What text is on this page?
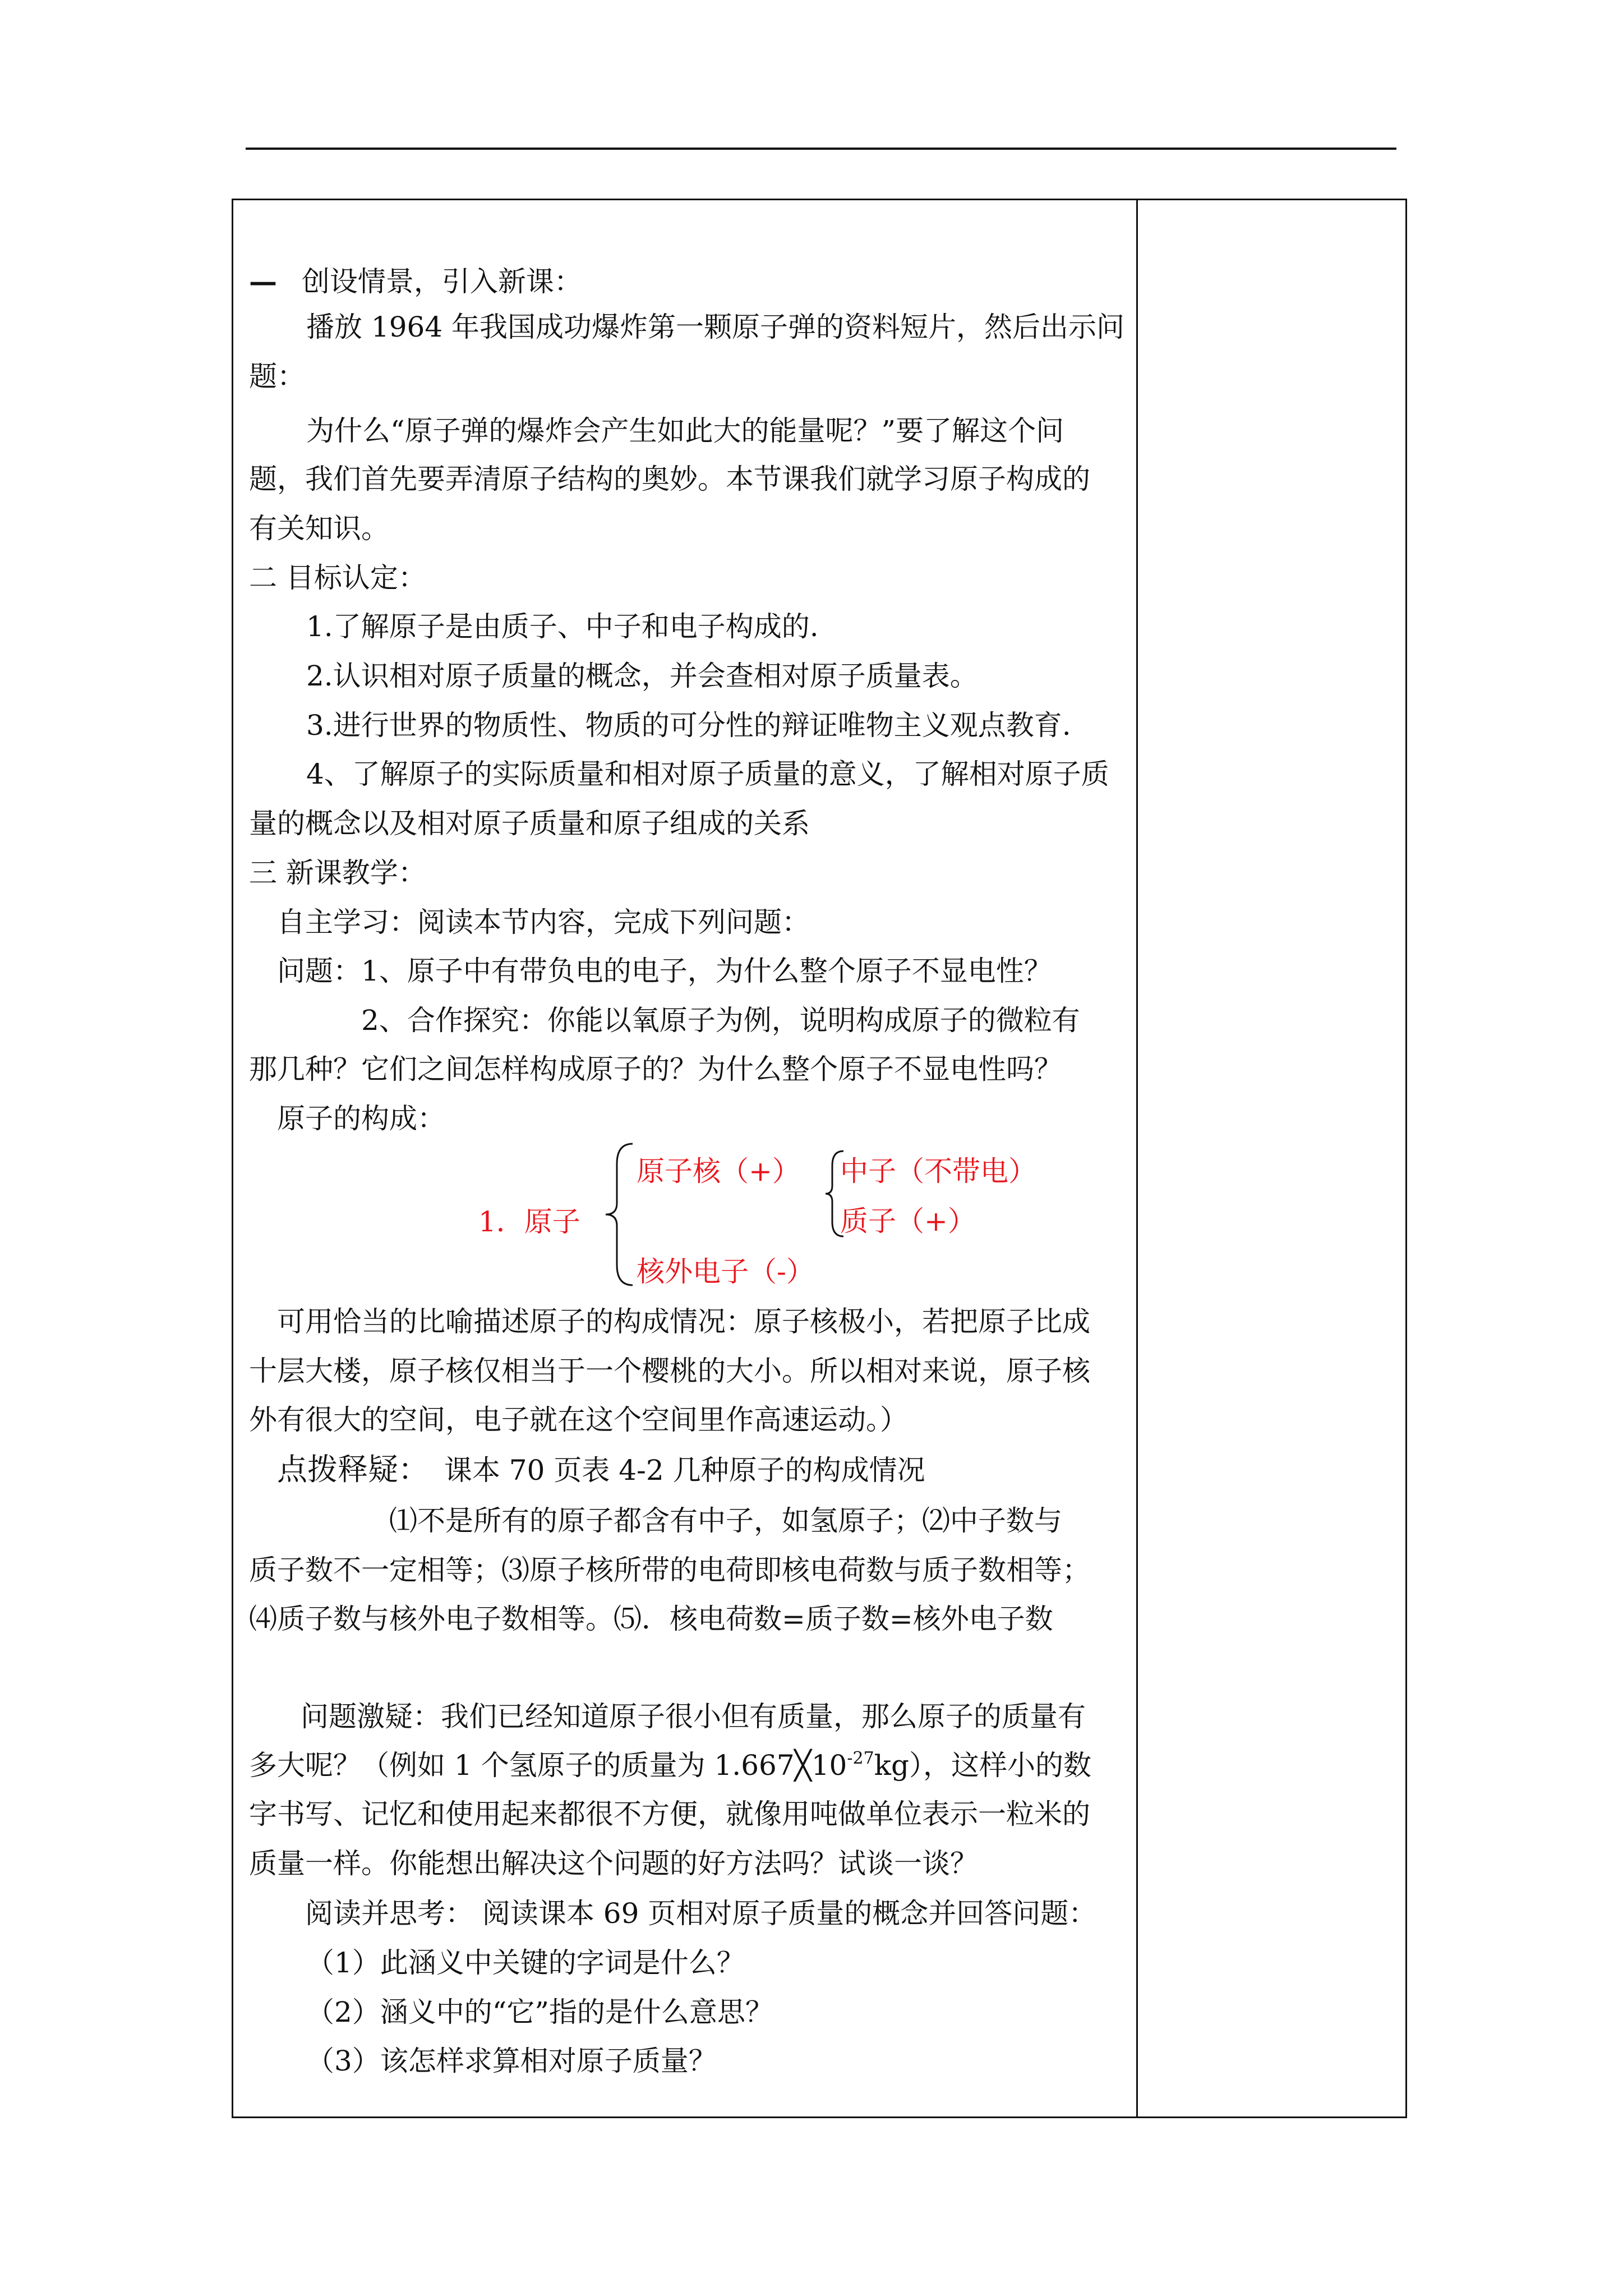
— 创设情景，引入新课：
播放 1964 年我国成功爆炸第一颗原子弹的资料短片，然后出示问
题：
为什么“原子弹的爆炸会产生如此大的能量呢？”要了解这个问
题，我们首先要弄清原子结构的奥妙。本节课我们就学习原子构成的
有关知识。
二 目标认定：
1.了解原子是由质子、中子和电子构成的.
2.认识相对原子质量的概念，并会查相对原子质量表。
3.进行世界的物质性、物质的可分性的辩证唯物主义观点教育.
4、了解原子的实际质量和相对原子质量的意义，了解相对原子质
量的概念以及相对原子质量和原子组成的关系
三 新课教学：
自主学习：阅读本节内容，完成下列问题：
问题：1、原子中有带负电的电子，为什么整个原子不显电性？
2、合作探究：你能以氧原子为例，说明构成原子的微粒有
那几种？它们之间怎样构成原子的？为什么整个原子不显电性吗？
原子的构成：
1．原子
原子核（+） 中子（不带电）
质子（+）
核外电子（-）
可用恰当的比喻描述原子的构成情况：原子核极小，若把原子比成
十层大楼，原子核仅相当于一个樱桃的大小。所以相对来说，原子核
外有很大的空间，电子就在这个空间里作高速运动。）
点拨释疑： 课本 70 页表 4-2 几种原子的构成情况
⑴不是所有的原子都含有中子，如氢原子；⑵中子数与
质子数不一定相等；⑶原子核所带的电荷即核电荷数与质子数相等；
⑷质子数与核外电子数相等。⑸．核电荷数=质子数=核外电子数
问题激疑：我们已经知道原子很小但有质量，那么原子的质量有
多大呢？（例如 1 个氢原子的质量为 $1.667╳10^{-27}kg$），这样小的数
字书写、记忆和使用起来都很不方便，就像用吨做单位表示一粒米的
质量一样。你能想出解决这个问题的好方法吗？试谈一谈？
阅读并思考： 阅读课本 69 页相对原子质量的概念并回答问题：
（1）此涵义中关键的字词是什么？
（2）涵义中的“它”指的是什么意思？
（3）该怎样求算相对原子质量？
